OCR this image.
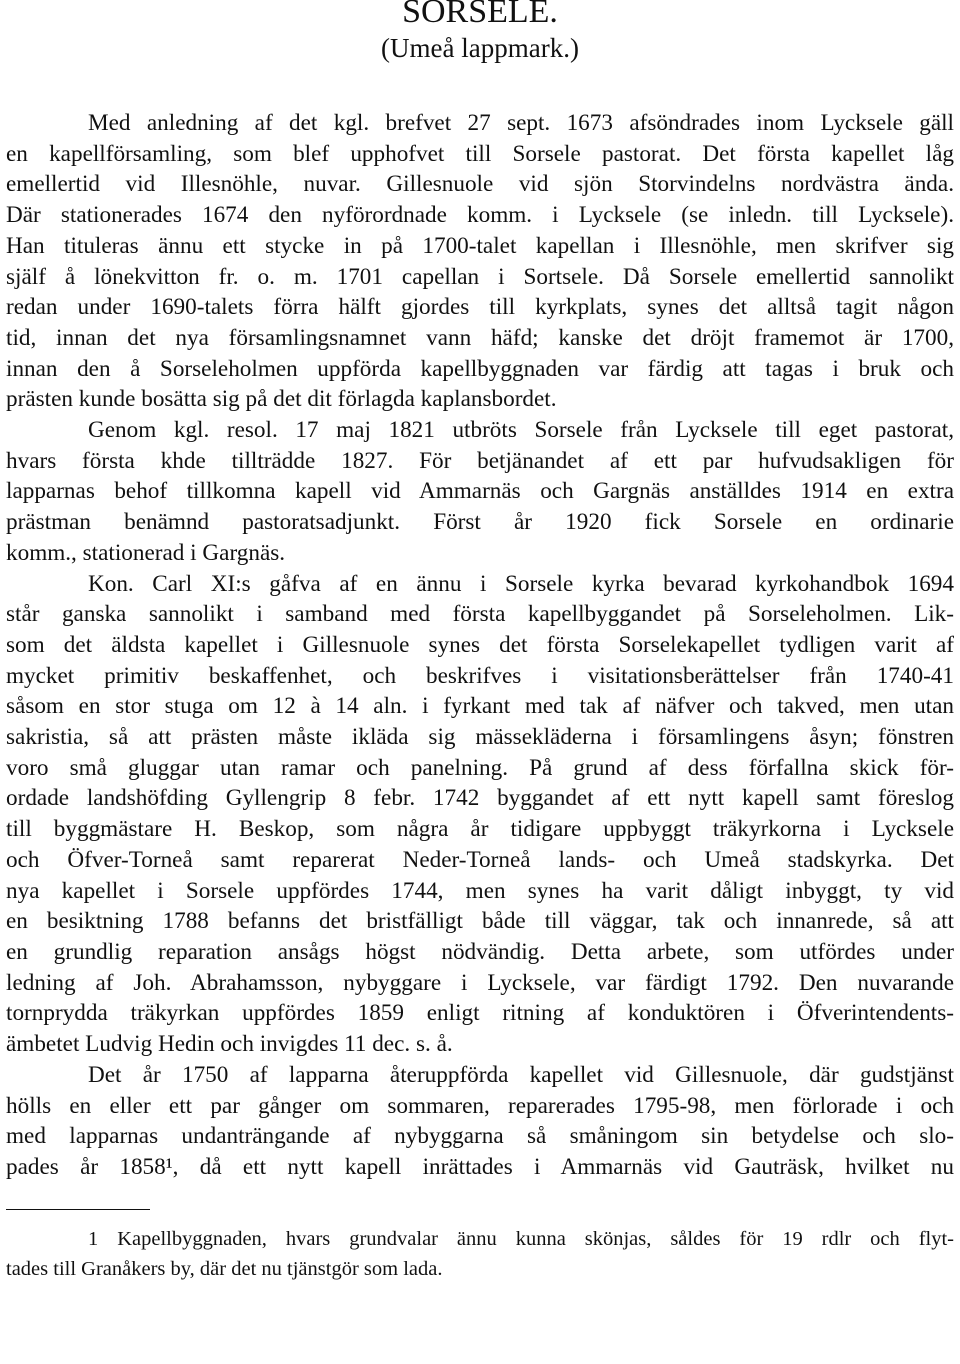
SORSELE.
(Umeå lappmark.)
Med anledning af det kgl. brefvet 27 sept. 1673 afsöndrades inom Lycksele gäll
en kapellförsamling, som blef upphofvet till Sorsele pastorat. Det första kapellet låg
emellertid vid Illesnöhle, nuvar. Gillesnuole vid sjön Storvindelns nordvästra ända.
Där stationerades 1674 den nyförordnade komm. i Lycksele (se inledn. till Lycksele).
Han tituleras ännu ett stycke in på 1700-talet kapellan i Illesnöhle, men skrifver sig
själf å lönekvitton fr. o. m. 1701 capellan i Sortsele. Då Sorsele emellertid sannolikt
redan under 1690-talets förra hälft gjordes till kyrkplats, synes det alltså tagit någon
tid, innan det nya församlingsnamnet vann häfd; kanske det dröjt framemot är 1700,
innan den å Sorseleholmen uppförda kapellbyggnaden var färdig att tagas i bruk och
prästen kunde bosätta sig på det dit förlagda kaplansbordet.
Genom kgl. resol. 17 maj 1821 utbröts Sorsele från Lycksele till eget pastorat,
hvars första khde tillträdde 1827. För betjänandet af ett par hufvudsakligen för
lapparnas behof tillkomna kapell vid Ammarnäs och Gargnäs anställdes 1914 en extra
prästman benämnd pastoratsadjunkt. Först år 1920 fick Sorsele en ordinarie
komm., stationerad i Gargnäs.
Kon. Carl XI:s gåfva af en ännu i Sorsele kyrka bevarad kyrkohandbok 1694
står ganska sannolikt i samband med första kapellbyggandet på Sorseleholmen. Lik-
som det äldsta kapellet i Gillesnuole synes det första Sorselekapellet tydligen varit af
mycket primitiv beskaffenhet, och beskrifves i visitationsberättelser från 1740-41
såsom en stor stuga om 12 à 14 aln. i fyrkant med tak af näfver och takved, men utan
sakristia, så att prästen måste ikläda sig mässekläderna i församlingens åsyn; fönstren
voro små gluggar utan ramar och panelning. På grund af dess förfallna skick för-
ordade landshöfding Gyllengrip 8 febr. 1742 byggandet af ett nytt kapell samt föreslog
till byggmästare H. Beskop, som några år tidigare uppbyggt träkyrkorna i Lycksele
och Öfver-Torneå samt reparerat Neder-Torneå lands- och Umeå stadskyrka. Det
nya kapellet i Sorsele uppfördes 1744, men synes ha varit dåligt inbyggt, ty vid
en besiktning 1788 befanns det bristfälligt både till väggar, tak och innanrede, så att
en grundlig reparation ansågs högst nödvändig. Detta arbete, som utfördes under
ledning af Joh. Abrahamsson, nybyggare i Lycksele, var färdigt 1792. Den nuvarande
tornprydda träkyrkan uppfördes 1859 enligt ritning af konduktören i Öfverintendents-
ämbetet Ludvig Hedin och invigdes 11 dec. s. å.
Det år 1750 af lapparna återuppförda kapellet vid Gillesnuole, där gudstjänst
hölls en eller ett par gånger om sommaren, reparerades 1795-98, men förlorade i och
med lapparnas undanträngande af nybyggarna så småningom sin betydelse och slo-
pades år 1858¹, då ett nytt kapell inrättades i Ammarnäs vid Gauträsk, hvilket nu
1 Kapellbyggnaden, hvars grundvalar ännu kunna skönjas, såldes för 19 rdlr och flyt-
tades till Granåkers by, där det nu tjänstgör som lada.
